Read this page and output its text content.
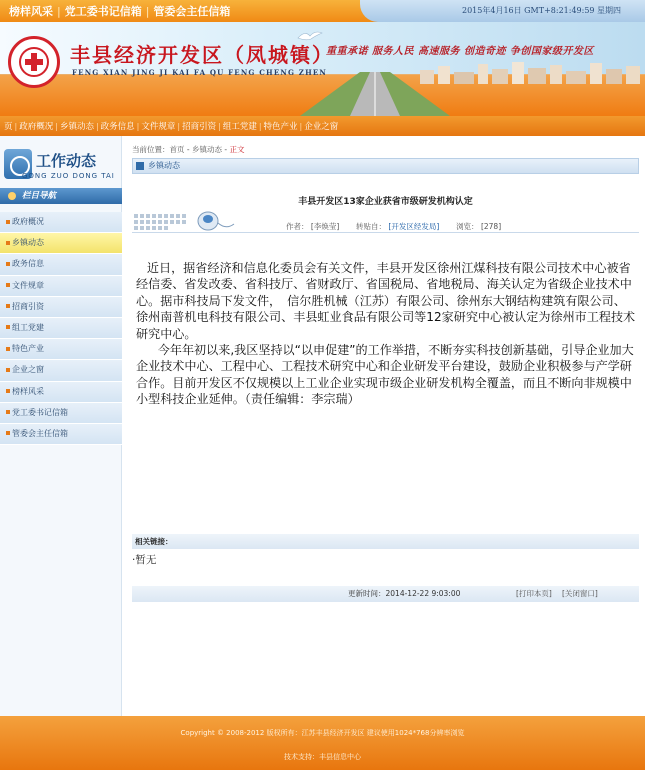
榜样风采 | 党工委书记信箱 | 管委会主任信箱	2015年4月16日 GMT+8:21:49:59 星期四
丰县经济开发区（凤城镇）
FENG XIAN JING JI KAI FA QU FENG CHENG ZHEN
重重承诺 服务人民 高速服务 创造奇迹 争创国家级开发区
页 | 政府概况 | 乡镇动态 | 政务信息 | 文件规章 | 招商引资 | 组工党建 | 特色产业 | 企业之窗
工作动态
GONG ZUO DONG TAI
栏目导航
政府概况
乡镇动态
政务信息
文件规章
招商引资
组工党建
特色产业
企业之窗
榜样风采
党工委书记信箱
管委会主任信箱
当前位置：首页 - 乡镇动态 - 正文
乡镇动态
丰县开发区13家企业获省市级研发机构认定
作者： [李焕莹] 转贴自： [开发区经发局] 浏览： [278]

近日，据省经济和信息化委员会有关文件，丰县开发区徐州江煤科技有限公司技术中心被省经信委、省发改委、省科技厅、省财政厅、省国税局、省地税局、海关认定为省级企业技术中心。据市科技局下发文件，　信尔胜机械（江苏）有限公司、徐州东大钢结构建筑有限公司、徐州南普机电科技有限公司、丰县虹业食品有限公司等12家研究中心被认定为徐州市工程技术研究中心。

今年年初以来,我区坚持以“以申促建”的工作举措，不断夯实科技创新基础，引导企业加大企业技术中心、工程中心、工程技术研究中心和企业研发平台建设，鼓励企业积极参与产学研合作。目前开发区不仅规模以上工业企业实现市级企业研发机构全覆盖，而且不断向非规模中小型科技企业延伸。（责任编辑：李宗瑞）

相关链接：
·暂无
更新时间：2014-12-22 9:03:00	[打印本页] [关闭窗口]
Copyright © 2008-2012 版权所有：江苏丰县经济开发区 建议使用1024*768分辨率浏览
技术支持：丰县信息中心
